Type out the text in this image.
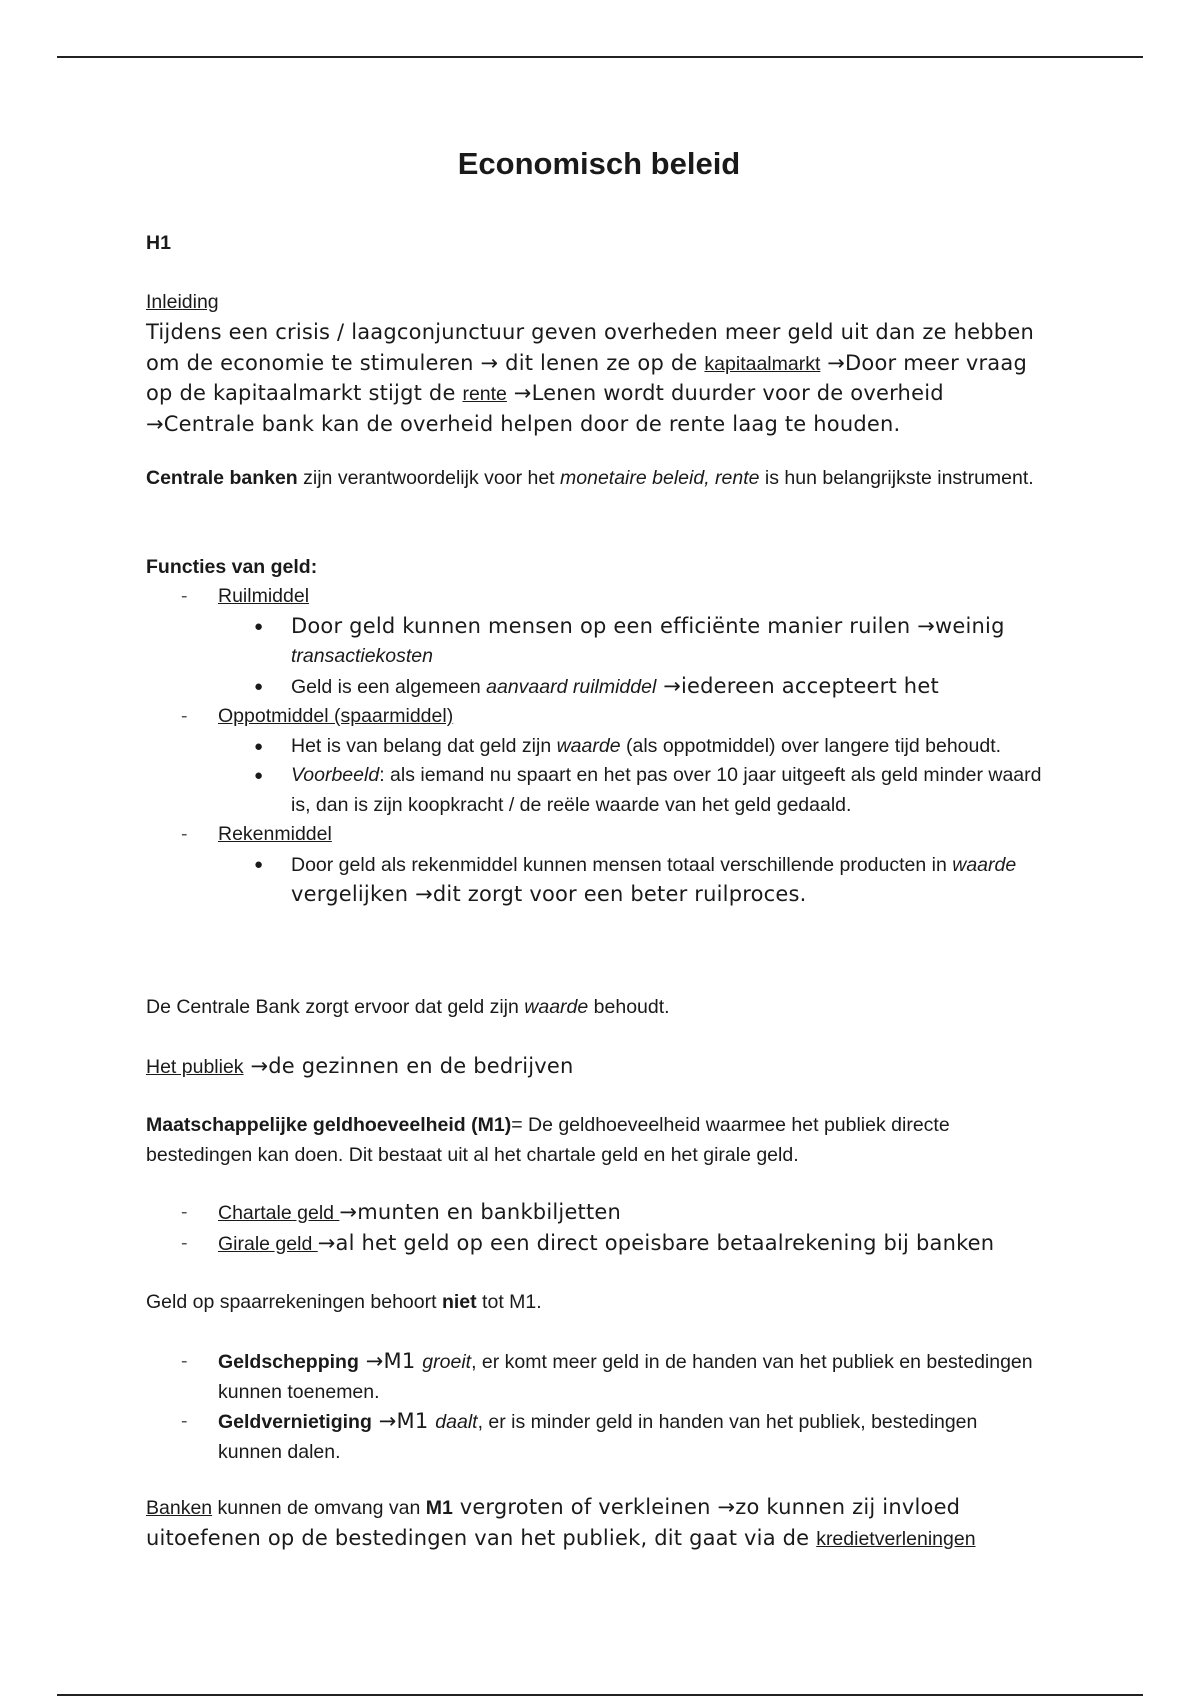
Economisch beleid
H1
Inleiding
Tijdens een crisis / laagconjunctuur geven overheden meer geld uit dan ze hebben om de economie te stimuleren → dit lenen ze op de kapitaalmarkt →Door meer vraag op de kapitaalmarkt stijgt de rente →Lenen wordt duurder voor de overheid →Centrale bank kan de overheid helpen door de rente laag te houden.
Centrale banken zijn verantwoordelijk voor het monetaire beleid, rente is hun belangrijkste instrument.
Functies van geld:
- Ruilmiddel
● Door geld kunnen mensen op een efficiënte manier ruilen →weinig transactiekosten
● Geld is een algemeen aanvaard ruilmiddel →iedereen accepteert het
- Oppotmiddel (spaarmiddel)
● Het is van belang dat geld zijn waarde (als oppotmiddel) over langere tijd behoudt.
● Voorbeeld: als iemand nu spaart en het pas over 10 jaar uitgeeft als geld minder waard is, dan is zijn koopkracht / de reële waarde van het geld gedaald.
- Rekenmiddel
● Door geld als rekenmiddel kunnen mensen totaal verschillende producten in waarde vergelijken →dit zorgt voor een beter ruilproces.
De Centrale Bank zorgt ervoor dat geld zijn waarde behoudt.
Het publiek →de gezinnen en de bedrijven
Maatschappelijke geldhoeveelheid (M1)= De geldhoeveelheid waarmee het publiek directe bestedingen kan doen. Dit bestaat uit al het chartale geld en het girale geld.
- Chartale geld →munten en bankbiljetten
- Girale geld →al het geld op een direct opeisbare betaalrekening bij banken
Geld op spaarrekeningen behoort niet tot M1.
- Geldschepping →M1 groeit, er komt meer geld in de handen van het publiek en bestedingen kunnen toenemen.
- Geldvernietiging →M1 daalt, er is minder geld in handen van het publiek, bestedingen kunnen dalen.
Banken kunnen de omvang van M1 vergroten of verkleinen →zo kunnen zij invloed uitoefenen op de bestedingen van het publiek, dit gaat via de kredietverleningen
